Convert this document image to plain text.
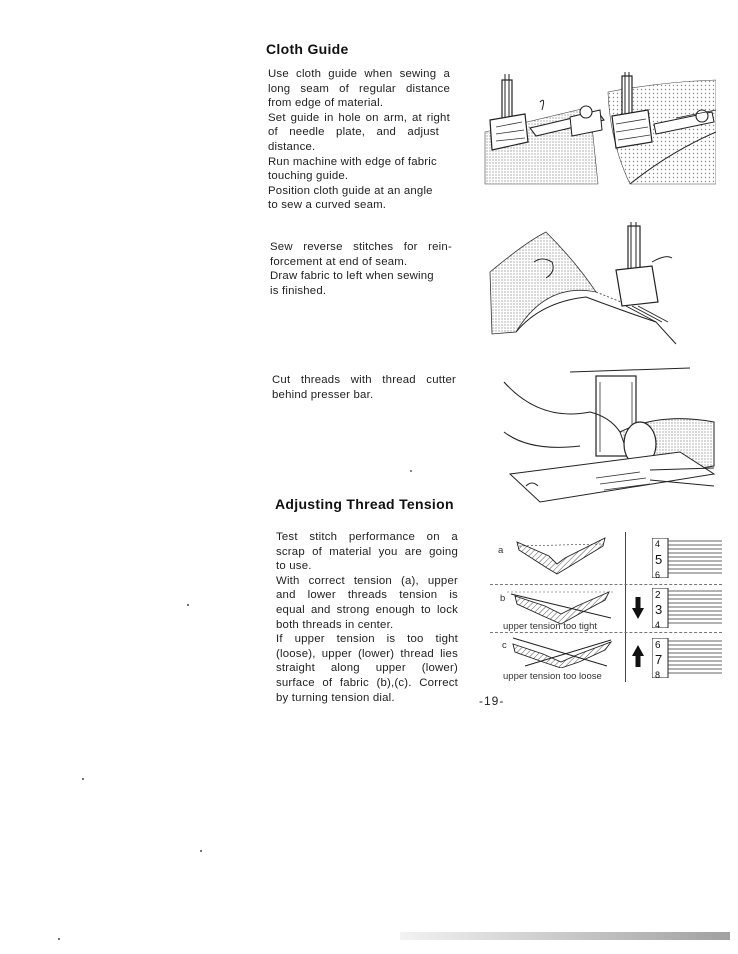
Cloth Guide
Use cloth guide when sewing a
long seam of regular distance
from edge of material.
Set guide in hole on arm, at right
of needle plate, and adjust
distance.
Run machine with edge of fabric
touching guide.
Position cloth guide at an angle
to sew a curved seam.
Sew reverse stitches for rein-
forcement at end of seam.
Draw fabric to left when sewing
is finished.
Cut threads with thread cutter
behind presser bar.
Adjusting Thread Tension
Test stitch performance on a
scrap of material you are going
to use.
With correct tension (a), upper
and lower threads tension is
equal and strong enough to lock
both threads in center.
If upper tension is too tight
(loose), upper (lower) thread lies
straight along upper (lower)
surface of fabric (b),(c). Correct
by turning tension dial.
a
b
c
upper tension too tight
upper tension too loose
4
5
6
2
3
4
6
7
8
-19-
